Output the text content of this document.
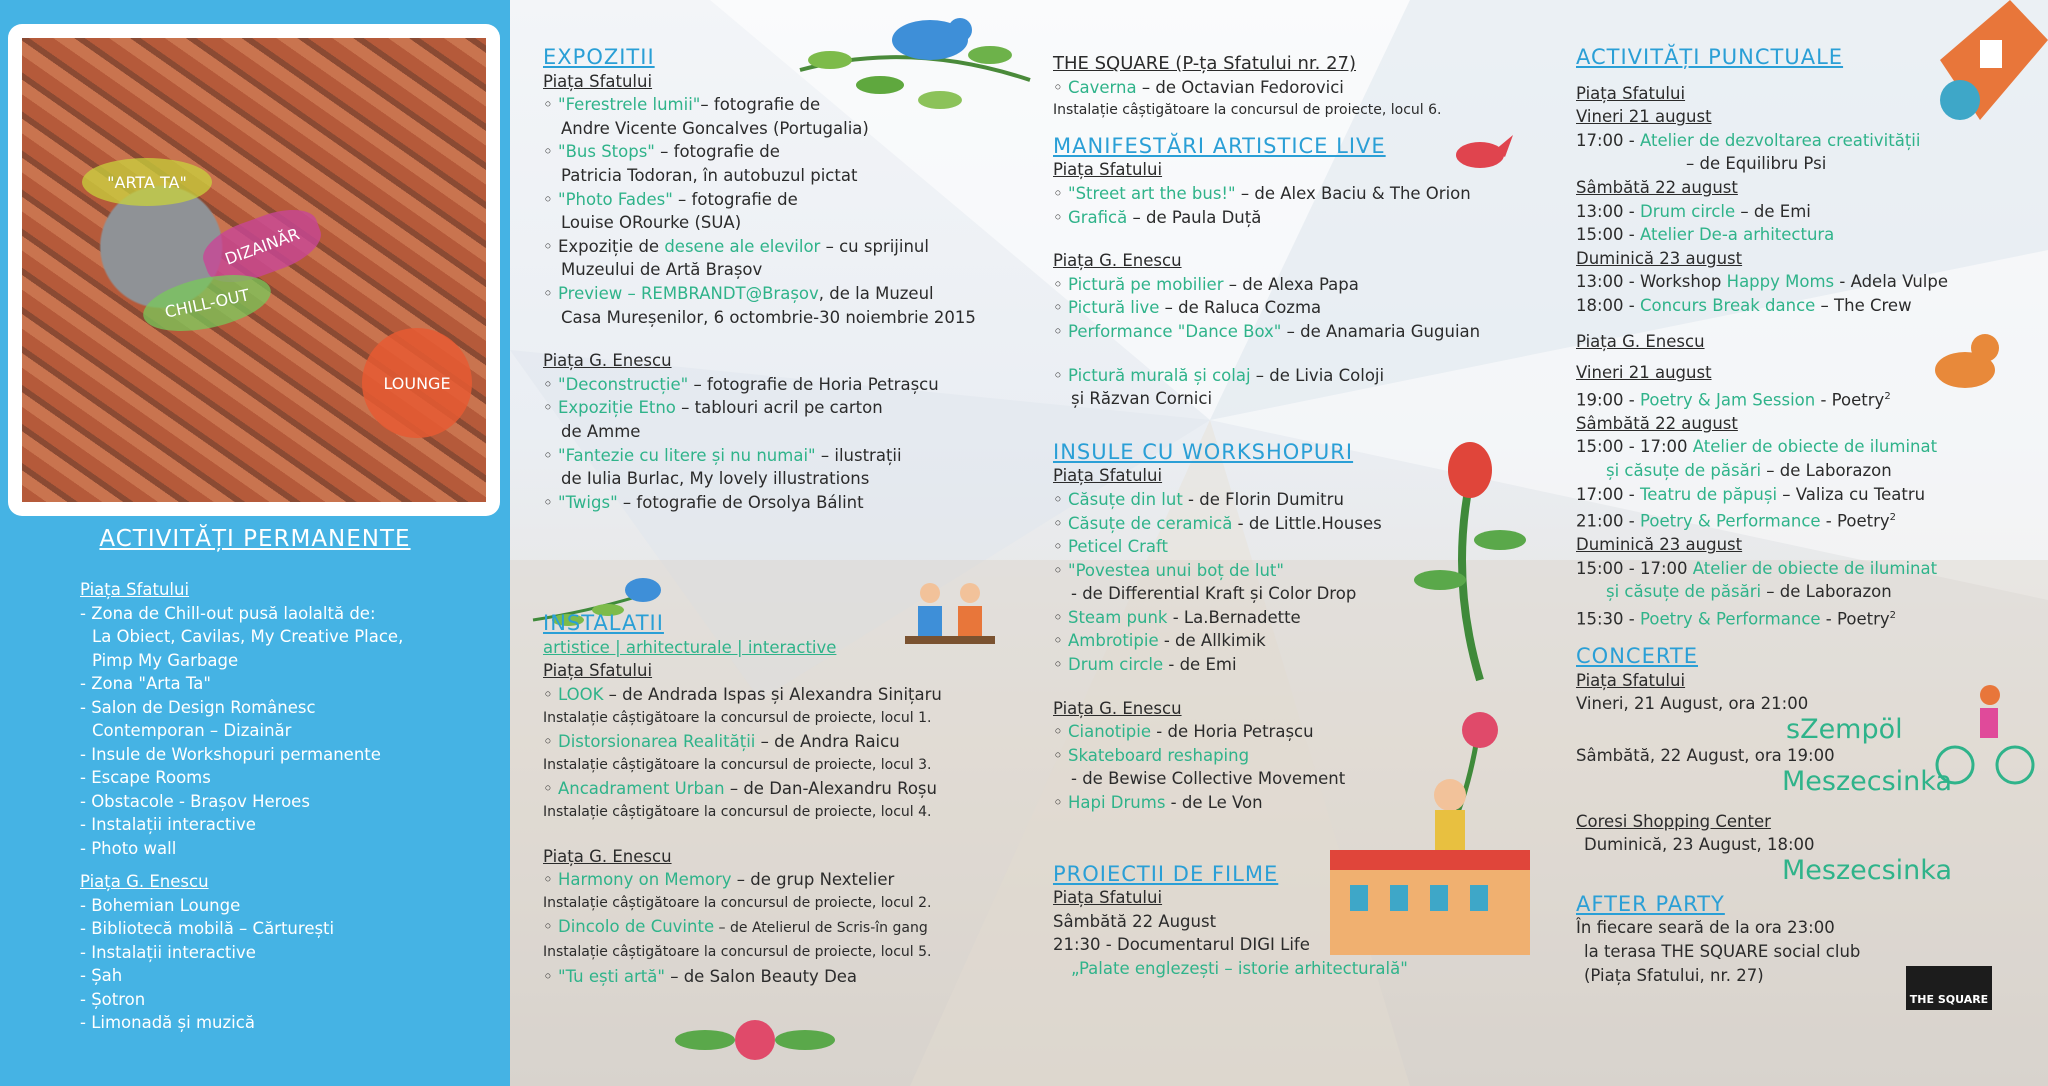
"ARTA TA"
DIZAINĂR
CHILL-OUT
LOUNGE
ACTIVITĂȚI PERMANENTE
Piața Sfatului
- Zona de Chill-out pusă laolaltă de:
La Obiect, Cavilas, My Creative Place,
Pimp My Garbage
- Zona "Arta Ta"
- Salon de Design Românesc
Contemporan – Dizainăr
- Insule de Workshopuri permanente
- Escape Rooms
- Obstacole - Brașov Heroes
- Instalații interactive
- Photo wall
Piața G. Enescu
- Bohemian Lounge
- Bibliotecă mobilă – Cărturești
- Instalații interactive
- Șah
- Șotron
- Limonadă și muzică
EXPOZITII
Piața Sfatului
◦ "Ferestrele lumii"– fotografie de
Andre Vicente Goncalves (Portugalia)
◦ "Bus Stops" – fotografie de
Patricia Todoran, în autobuzul pictat
◦ "Photo Fades" – fotografie de
Louise ORourke (SUA)
◦ Expoziție de desene ale elevilor – cu sprijinul
Muzeului de Artă Brașov
◦ Preview – REMBRANDT@Brașov, de la Muzeul
Casa Mureșenilor, 6 octombrie-30 noiembrie 2015
Piața G. Enescu
◦ "Deconstrucție" – fotografie de Horia Petrașcu
◦ Expoziție Etno – tablouri acril pe carton
de Amme
◦ "Fantezie cu litere și nu numai" – ilustrații
de Iulia Burlac, My lovely illustrations
◦ "Twigs" – fotografie de Orsolya Bálint
INSTALATII
artistice | arhitecturale | interactive
Piața Sfatului
◦ LOOK – de Andrada Ispas și Alexandra Sinițaru
Instalație câștigătoare la concursul de proiecte, locul 1.
◦ Distorsionarea Realității – de Andra Raicu
Instalație câștigătoare la concursul de proiecte, locul 3.
◦ Ancadrament Urban – de Dan-Alexandru Roșu
Instalație câștigătoare la concursul de proiecte, locul 4.
Piața G. Enescu
◦ Harmony on Memory – de grup Nextelier
Instalație câștigătoare la concursul de proiecte, locul 2.
◦ Dincolo de Cuvinte – de Atelierul de Scris-în gang
Instalație câștigătoare la concursul de proiecte, locul 5.
◦ "Tu ești artă" – de Salon Beauty Dea
THE SQUARE (P-ța Sfatului nr. 27)
◦ Caverna – de Octavian Fedorovici
Instalație câștigătoare la concursul de proiecte, locul 6.
MANIFESTĂRI ARTISTICE LIVE
Piața Sfatului
◦ "Street art the bus!" – de Alex Baciu & The Orion
◦ Grafică – de Paula Duță
Piața G. Enescu
◦ Pictură pe mobilier – de Alexa Papa
◦ Pictură live – de Raluca Cozma
◦ Performance "Dance Box" – de Anamaria Guguian
◦ Pictură murală și colaj – de Livia Coloji
și Răzvan Cornici
INSULE CU WORKSHOPURI
Piața Sfatului
◦ Căsuțe din lut - de Florin Dumitru
◦ Căsuțe de ceramică - de Little.Houses
◦ Peticel Craft
◦ "Povestea unui boț de lut"
- de Differential Kraft și Color Drop
◦ Steam punk - La.Bernadette
◦ Ambrotipie - de Allkimik
◦ Drum circle - de Emi
Piața G. Enescu
◦ Cianotipie - de Horia Petrașcu
◦ Skateboard reshaping
- de Bewise Collective Movement
◦ Hapi Drums - de Le Von
PROIECTII DE FILME
Piața Sfatului
Sâmbătă 22 August
21:30 - Documentarul DIGI Life
„Palate englezești – istorie arhitecturală"
ACTIVITĂȚI PUNCTUALE
Piața Sfatului
Vineri 21 august
17:00 - Atelier de dezvoltarea creativității
– de Equilibru Psi
Sâmbătă 22 august
13:00 - Drum circle – de Emi
15:00 - Atelier De-a arhitectura
Duminică 23 august
13:00 - Workshop Happy Moms - Adela Vulpe
18:00 - Concurs Break dance – The Crew
Piața G. Enescu
Vineri 21 august
19:00 - Poetry & Jam Session - Poetry$^2$
Sâmbătă 22 august
15:00 - 17:00 Atelier de obiecte de iluminat
și căsuțe de păsări – de Laborazon
17:00 - Teatru de păpuși – Valiza cu Teatru
21:00 - Poetry & Performance - Poetry$^2$
Duminică 23 august
15:00 - 17:00 Atelier de obiecte de iluminat
și căsuțe de păsări – de Laborazon
15:30 - Poetry & Performance - Poetry$^2$
CONCERTE
Piața Sfatului
Vineri, 21 August, ora 21:00
sZempöl
Sâmbătă, 22 August, ora 19:00
Meszecsinka
Coresi Shopping Center
Duminică, 23 August, 18:00
Meszecsinka
AFTER PARTY
În fiecare seară de la ora 23:00
la terasa THE SQUARE social club
(Piața Sfatului, nr. 27)
THE SQUARE
